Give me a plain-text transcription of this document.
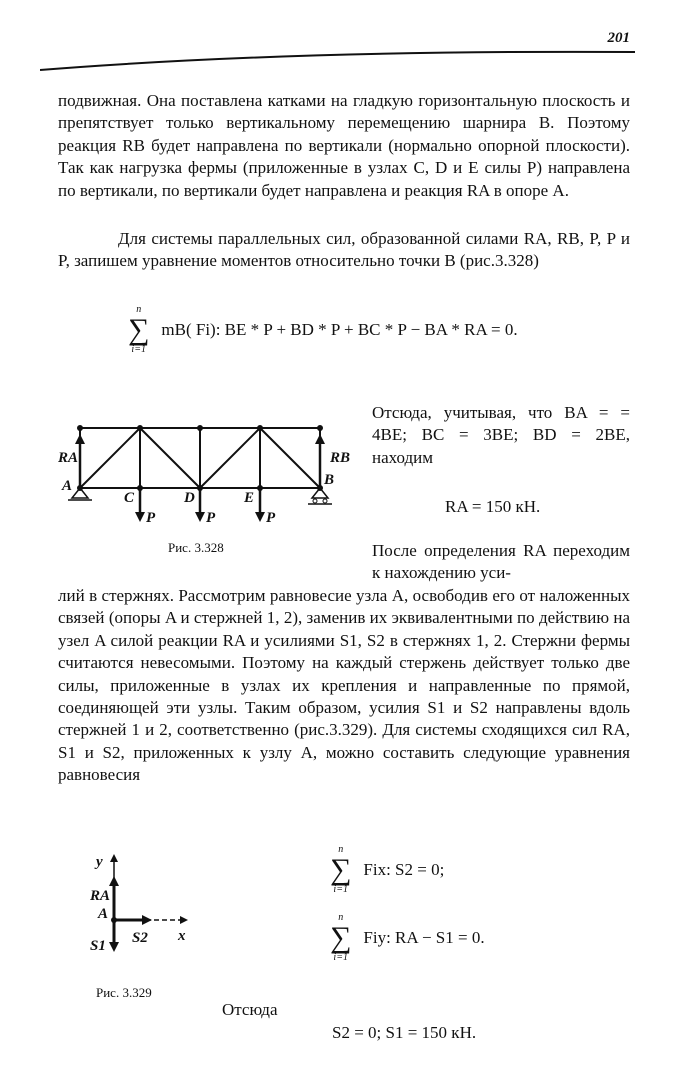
201
подвижная. Она поставлена катками на гладкую горизонтальную плоскость и препятствует только вертикальному перемещению шарнира B. Поэтому реакция RB будет направлена по вертикали (нормально опорной плоскости). Так как нагрузка фермы (приложенные в узлах C, D и E силы P) направлена по вертикали, по вертикали будет направлена и реакция RA в опоре A.
Для системы параллельных сил, образованной силами RA, RB, P, P и P, запишем уравнение моментов относительно точки B (рис.3.328)
n
∑
i=1
mB( Fi): BE * P + BD * P + BC * P − BA * RA = 0.
RA	RB
A	B
C	D	E
P	P	P
Рис. 3.328
Отсюда, учитывая, что BA = = 4BE; BC = 3BE; BD = 2BE, находим
RA = 150 кН.
После определения RA переходим к нахождению уси-
лий в стержнях. Рассмотрим равновесие узла A, освободив его от наложенных связей (опоры A и стержней 1, 2), заменив их эквивалентными по действию на узел A силой реакции RA и усилиями S1, S2 в стержнях 1, 2. Стержни фермы считаются невесомыми. Поэтому на каждый стержень действует только две силы, приложенные в узлах их крепления и направленные по прямой, соединяющей эти узлы. Таким образом, усилия S1 и S2 направлены вдоль стержней 1 и 2, соответственно (рис.3.329). Для системы сходящихся сил RA, S1 и S2, приложенных к узлу A, можно составить следующие уравнения равновесия
y
x
RA
A
S1 S2
Рис. 3.329
n
∑
i=1
Fix: S2 = 0;
n
∑
i=1
Fiy: RA − S1 = 0.
Отсюда
S2 = 0; S1 = 150 кН.
